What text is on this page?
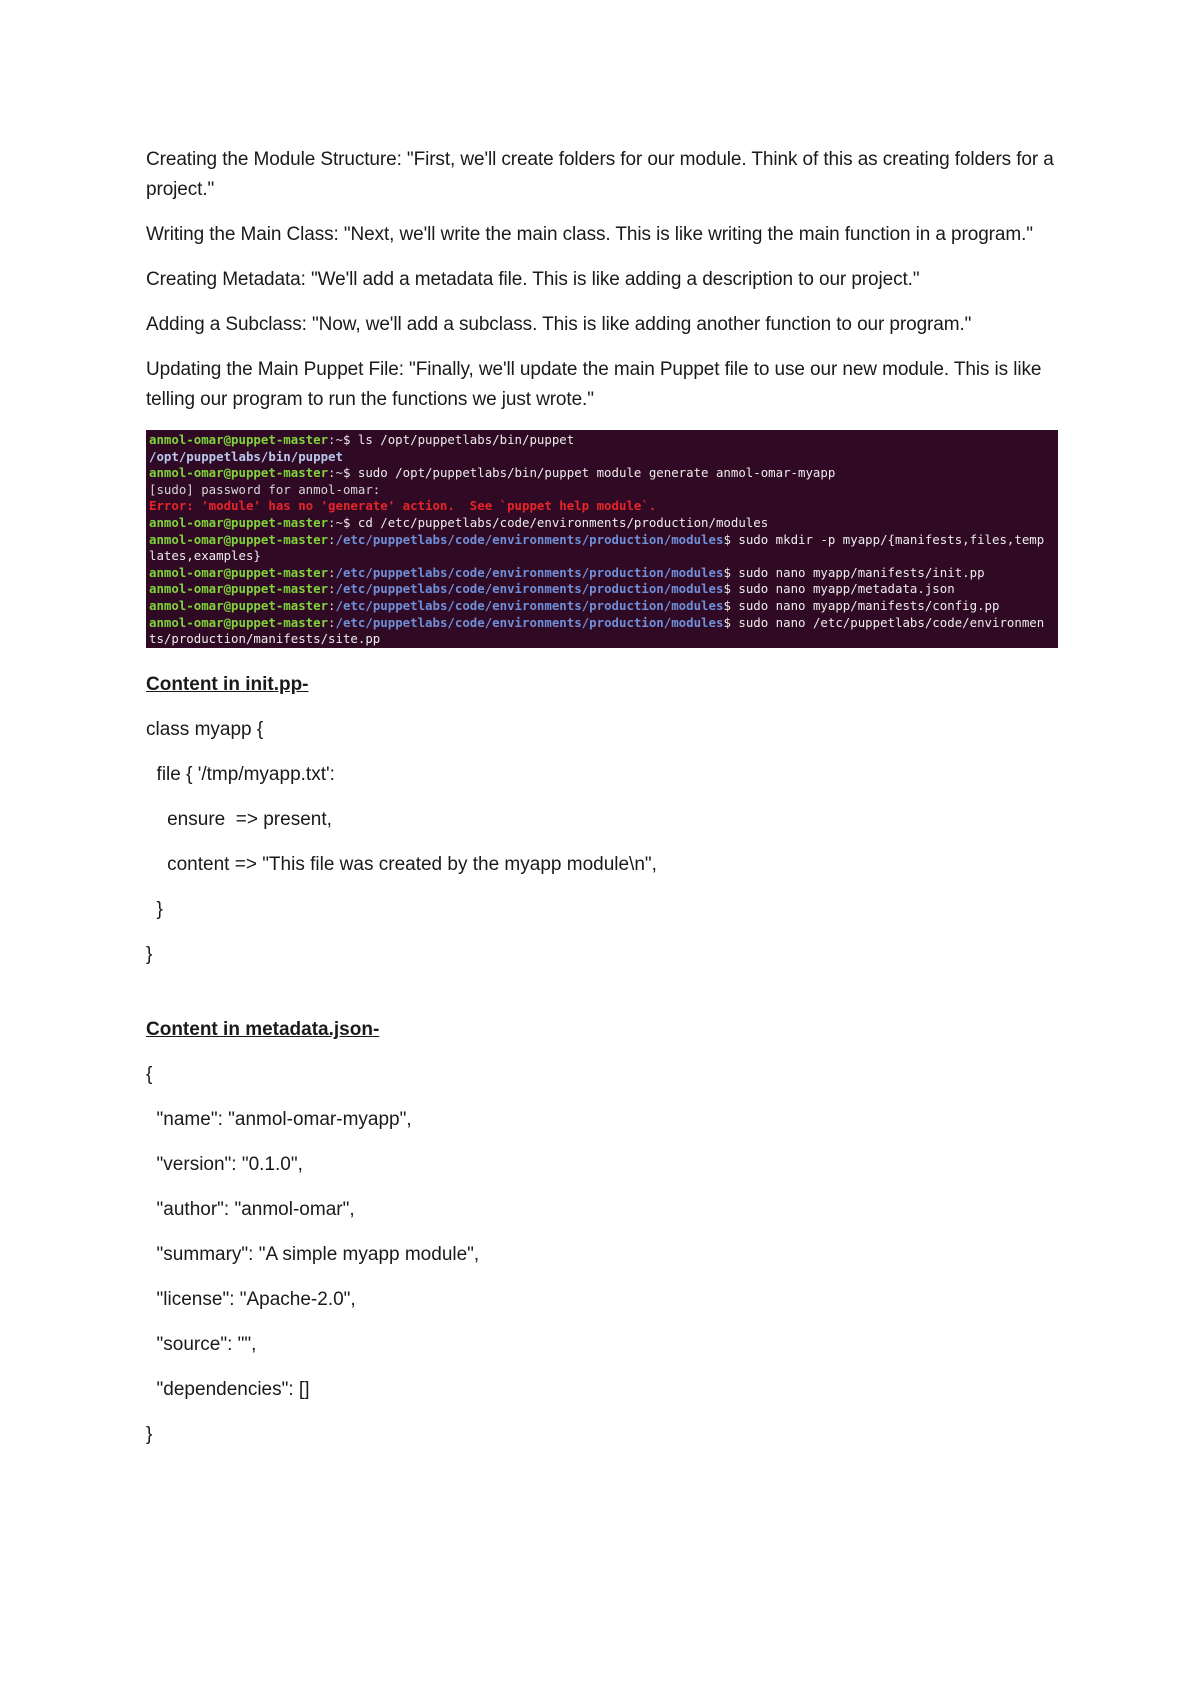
Creating the Module Structure: "First, we'll create folders for our module. Think of this as creating folders for a project."

Writing the Main Class: "Next, we'll write the main class. This is like writing the main function in a program."

Creating Metadata: "We'll add a metadata file. This is like adding a description to our project."

Adding a Subclass: "Now, we'll add a subclass. This is like adding another function to our program."

Updating the Main Puppet File: "Finally, we'll update the main Puppet file to use our new module. This is like telling our program to run the functions we just wrote."

anmol-omar@puppet-master:~$ ls /opt/puppetlabs/bin/puppet
/opt/puppetlabs/bin/puppet
anmol-omar@puppet-master:~$ sudo /opt/puppetlabs/bin/puppet module generate anmol-omar-myapp
[sudo] password for anmol-omar:
Error: 'module' has no 'generate' action.  See `puppet help module`.
anmol-omar@puppet-master:~$ cd /etc/puppetlabs/code/environments/production/modules
anmol-omar@puppet-master:/etc/puppetlabs/code/environments/production/modules$ sudo mkdir -p myapp/{manifests,files,temp
lates,examples}
anmol-omar@puppet-master:/etc/puppetlabs/code/environments/production/modules$ sudo nano myapp/manifests/init.pp
anmol-omar@puppet-master:/etc/puppetlabs/code/environments/production/modules$ sudo nano myapp/metadata.json
anmol-omar@puppet-master:/etc/puppetlabs/code/environments/production/modules$ sudo nano myapp/manifests/config.pp
anmol-omar@puppet-master:/etc/puppetlabs/code/environments/production/modules$ sudo nano /etc/puppetlabs/code/environmen
ts/production/manifests/site.pp
Content in init.pp-
class myapp {
file { '/tmp/myapp.txt':
ensure  => present,
content => "This file was created by the myapp module\n",
}
}
Content in metadata.json-
{
"name": "anmol-omar-myapp",
"version": "0.1.0",
"author": "anmol-omar",
"summary": "A simple myapp module",
"license": "Apache-2.0",
"source": "",
"dependencies": []
}
